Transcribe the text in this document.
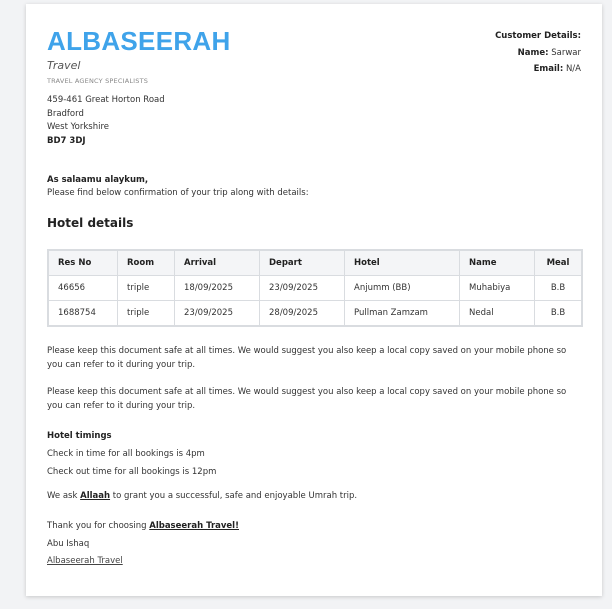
ALBASEERAH
Travel
TRAVEL AGENCY SPECIALISTS
459-461 Great Horton Road
Bradford
West Yorkshire
BD7 3DJ
Customer Details:
Name: Sarwar
Email: N/A
As salaamu alaykum,
Please find below confirmation of your trip along with details:
Hotel details
Res No	Room	Arrival	Depart	Hotel	Name	Meal
46656	triple	18/09/2025	23/09/2025	Anjumm (BB)	Muhabiya	B.B
1688754	triple	23/09/2025	28/09/2025	Pullman Zamzam	Nedal	B.B
Please keep this document safe at all times. We would suggest you also keep a local copy saved on your mobile phone so you can refer to it during your trip.
Please keep this document safe at all times. We would suggest you also keep a local copy saved on your mobile phone so you can refer to it during your trip.
Hotel timings
Check in time for all bookings is 4pm
Check out time for all bookings is 12pm
We ask Allaah to grant you a successful, safe and enjoyable Umrah trip.
Thank you for choosing Albaseerah Travel!
Abu Ishaq
Albaseerah Travel
